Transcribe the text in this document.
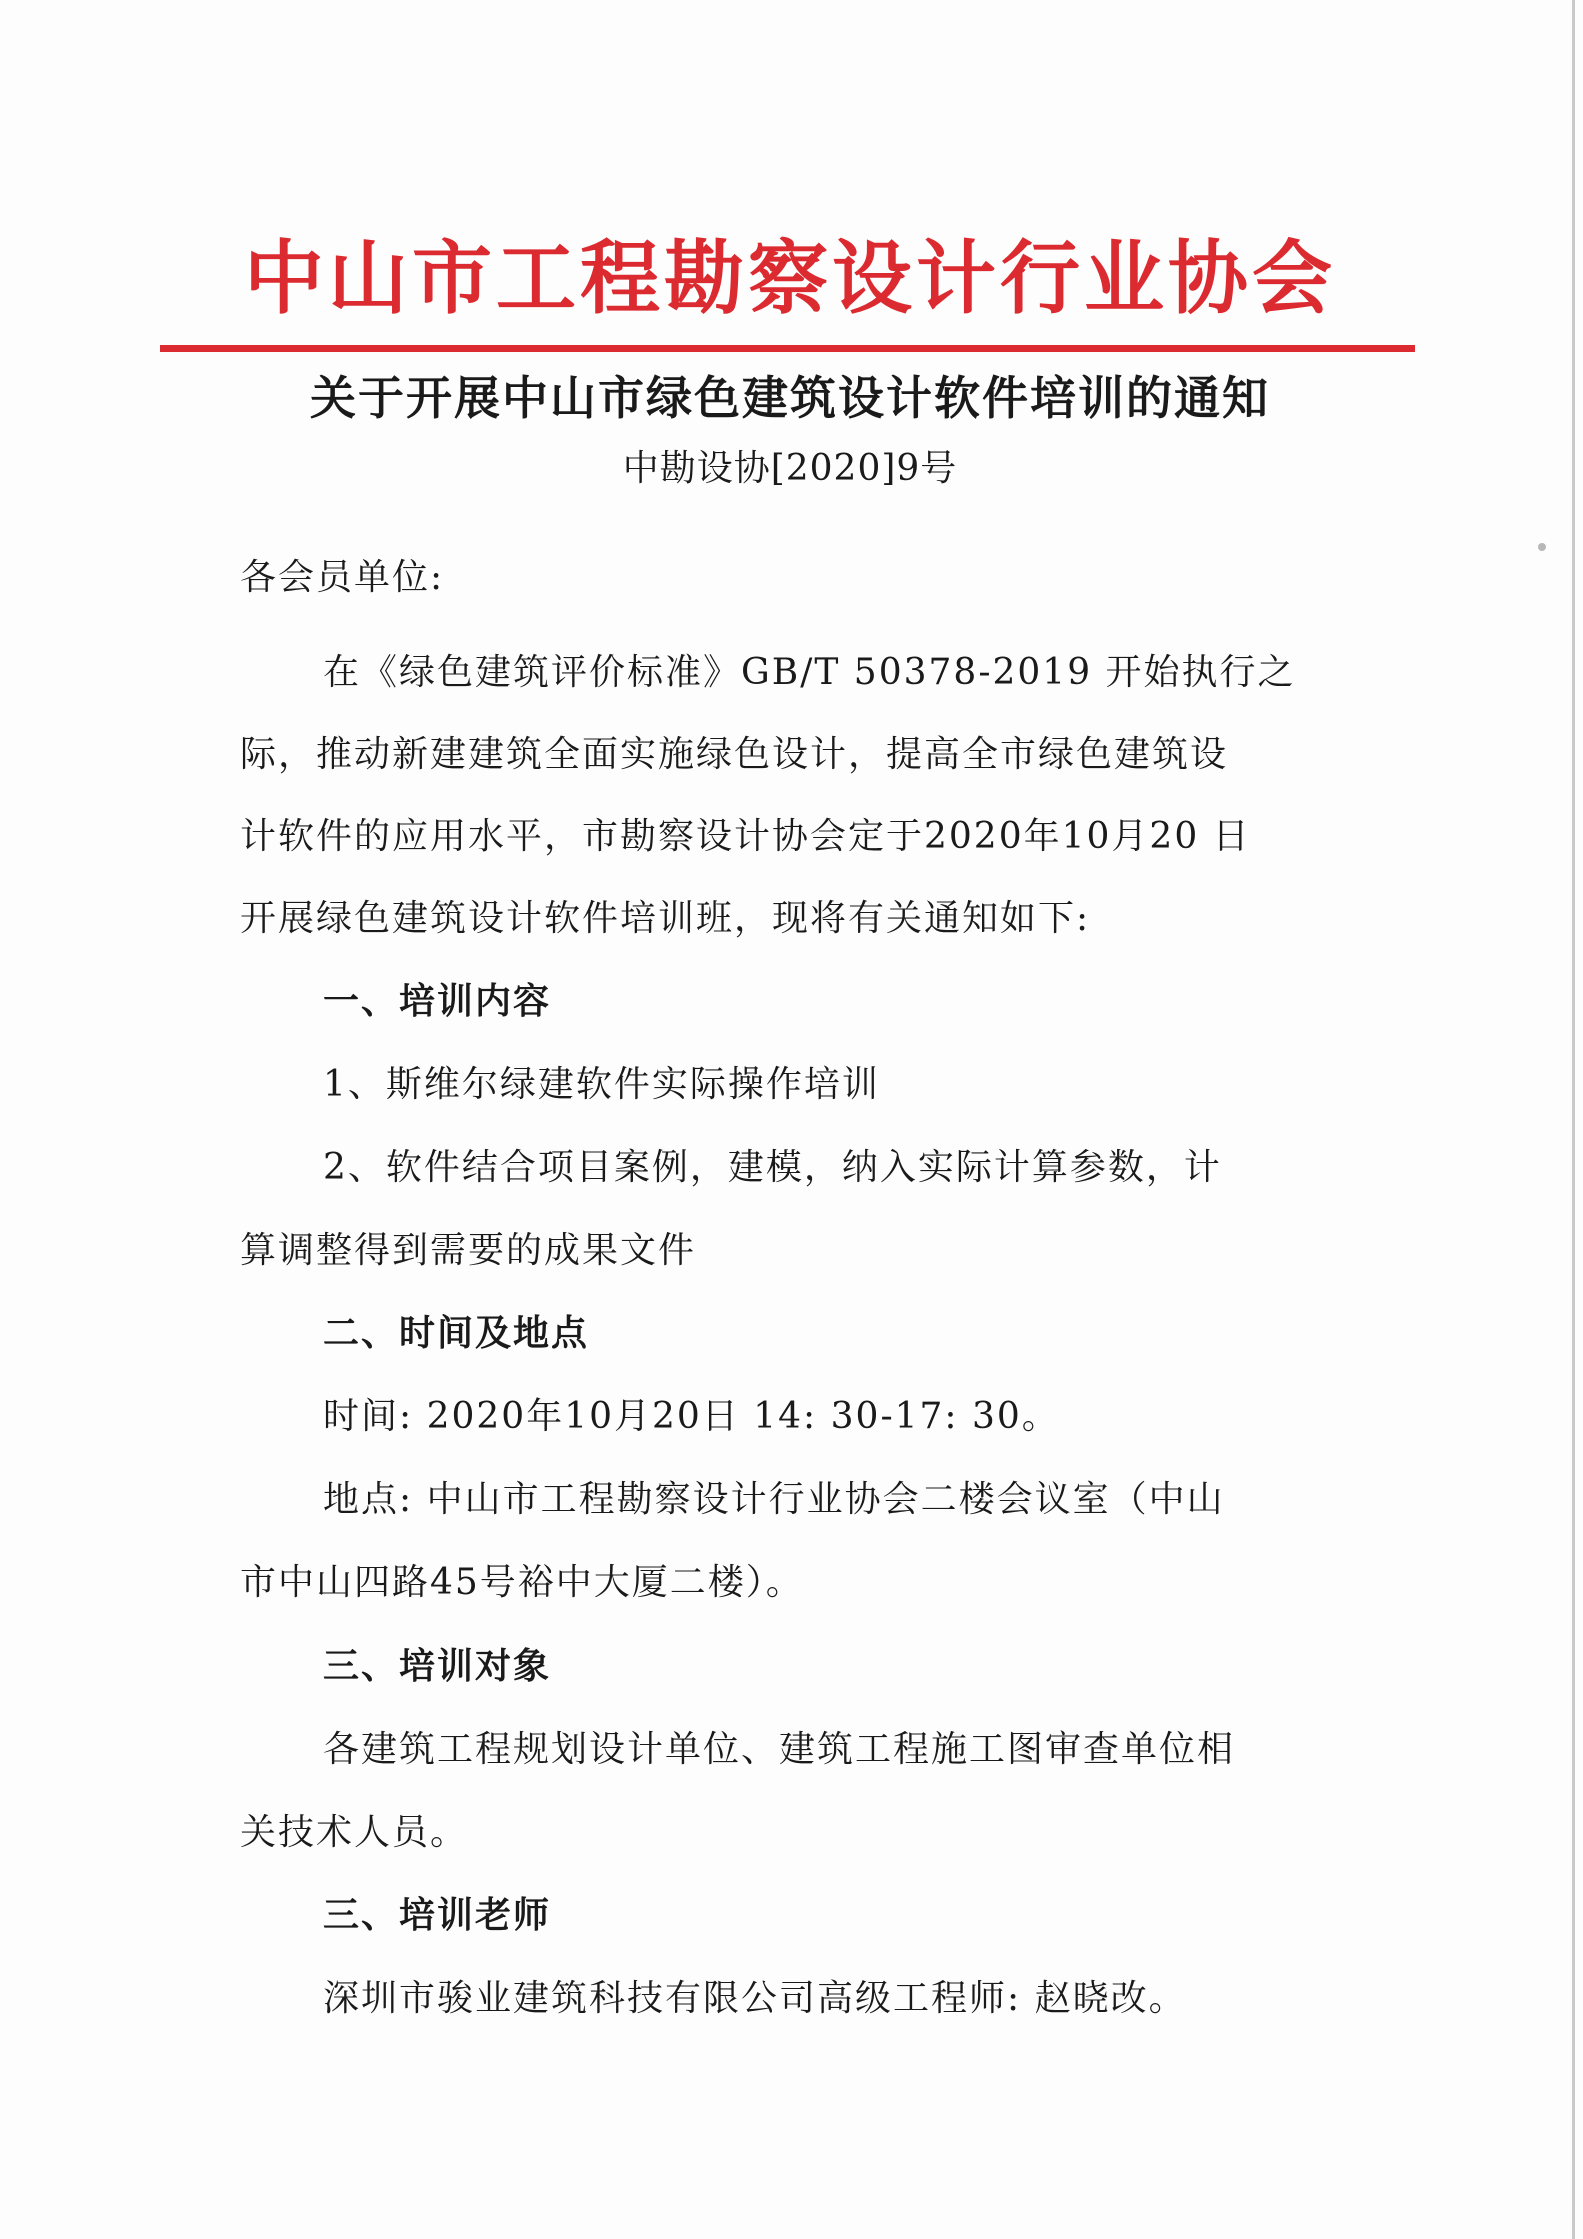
中山市工程勘察设计行业协会
关于开展中山市绿色建筑设计软件培训的通知
中勘设协[2020]9号
各会员单位:
在《绿色建筑评价标准》GB/T 50378-2019 开始执行之
际，推动新建建筑全面实施绿色设计，提高全市绿色建筑设
计软件的应用水平，市勘察设计协会定于2020年10月20 日
开展绿色建筑设计软件培训班，现将有关通知如下:
一、培训内容
1、斯维尔绿建软件实际操作培训
2、软件结合项目案例，建模，纳入实际计算参数，计
算调整得到需要的成果文件
二、时间及地点
时间: 2020年10月20日 14: 30-17: 30。
地点: 中山市工程勘察设计行业协会二楼会议室（中山
市中山四路45号裕中大厦二楼）。
三、培训对象
各建筑工程规划设计单位、建筑工程施工图审查单位相
关技术人员。
三、培训老师
深圳市骏业建筑科技有限公司高级工程师: 赵晓改。
